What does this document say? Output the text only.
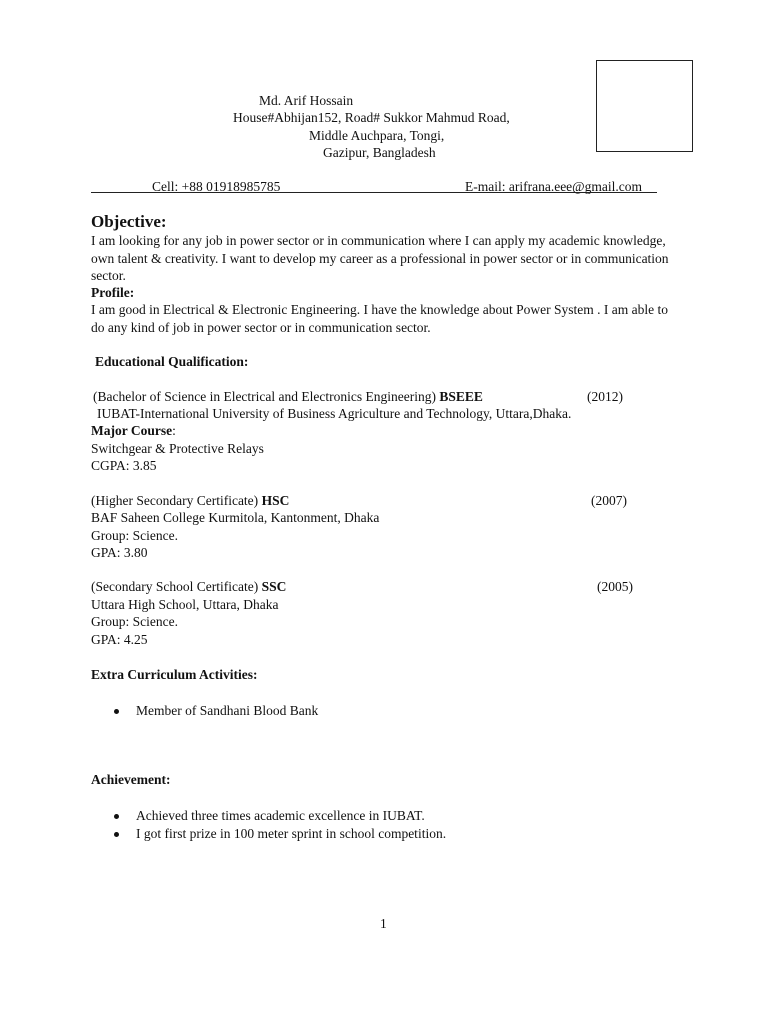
Md. Arif Hossain
House#Abhijan152, Road# Sukkor Mahmud Road,
Middle Auchpara, Tongi,
Gazipur, Bangladesh
Cell: +88 01918985785	E-mail: arifrana.eee@gmail.com
Objective:
I am looking for any job in power sector or in communication where I can apply my academic knowledge, own talent & creativity. I want to develop my career as a professional in power sector or in communication sector.
Profile:
I am good in Electrical & Electronic Engineering. I have the knowledge about Power System . I am able to do any kind of job in power sector or in communication sector.
Educational Qualification:
(Bachelor of Science in Electrical and Electronics Engineering) BSEEE	(2012)
IUBAT-International University of Business Agriculture and Technology, Uttara,Dhaka.
Major Course:
Switchgear & Protective Relays
CGPA: 3.85
(Higher Secondary Certificate) HSC	(2007)
BAF Saheen College Kurmitola, Kantonment, Dhaka
Group: Science.
GPA: 3.80
(Secondary School Certificate) SSC	(2005)
Uttara High School, Uttara, Dhaka
Group: Science.
GPA: 4.25
Extra Curriculum Activities:
Member of Sandhani Blood Bank
Achievement:
Achieved three times academic excellence in IUBAT.
I got first prize in 100 meter sprint in school competition.
1
